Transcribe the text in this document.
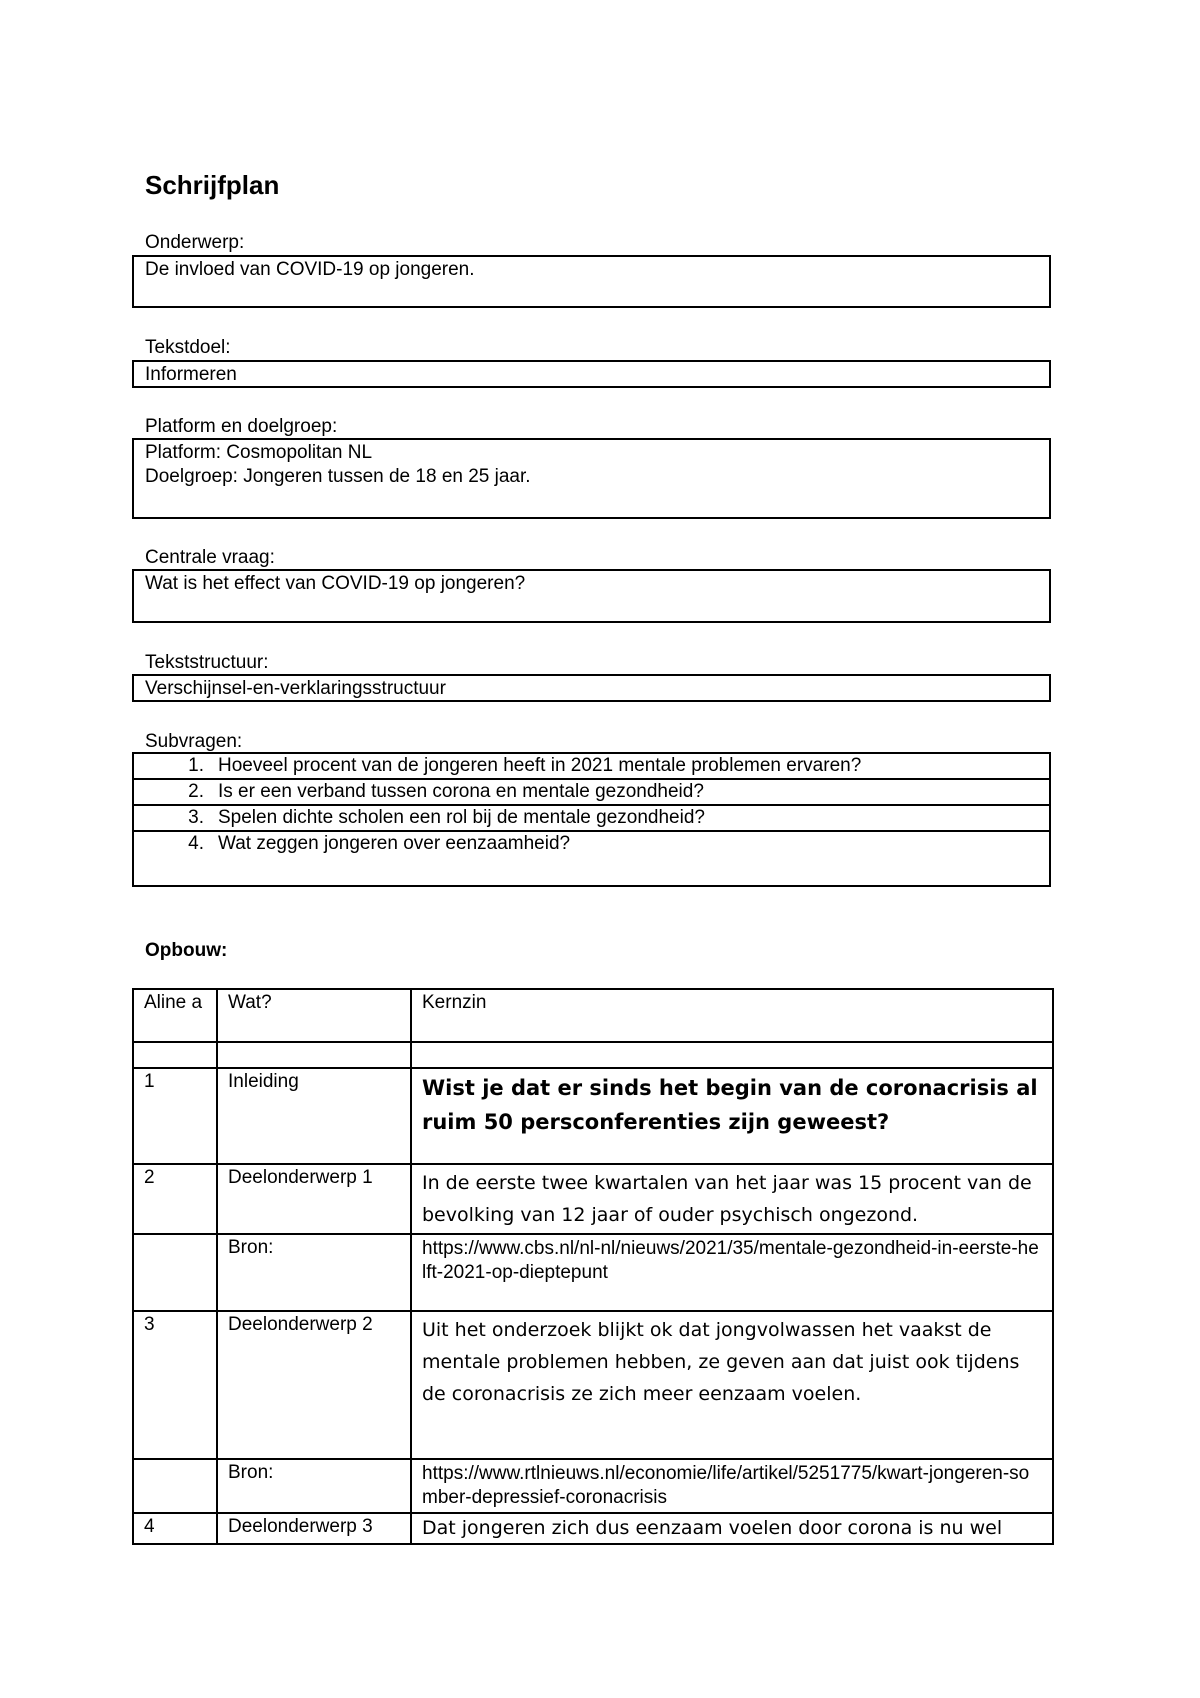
Schrijfplan
Onderwerp:
De invloed van COVID-19 op jongeren.
Tekstdoel:
Informeren
Platform en doelgroep:
Platform: Cosmopolitan NL
Doelgroep: Jongeren tussen de 18 en 25 jaar.
Centrale vraag:
Wat is het effect van COVID-19 op jongeren?
Tekststructuur:
Verschijnsel-en-verklaringsstructuur
Subvragen:
1. Hoeveel procent van de jongeren heeft in 2021 mentale problemen ervaren?
2. Is er een verband tussen corona en mentale gezondheid?
3. Spelen dichte scholen een rol bij de mentale gezondheid?
4. Wat zeggen jongeren over eenzaamheid?
Opbouw:
Aline a	Wat?	Kernzin

1	Inleiding	Wist je dat er sinds het begin van de coronacrisis al ruim 50 persconferenties zijn geweest?

2	Deelonderwerp 1	In de eerste twee kwartalen van het jaar was 15 procent van de bevolking van 12 jaar of ouder psychisch ongezond.

	Bron:	https://www.cbs.nl/nl-nl/nieuws/2021/35/mentale-gezondheid-in-eerste-helft-2021-op-dieptepunt

3	Deelonderwerp 2	Uit het onderzoek blijkt ok dat jongvolwassen het vaakst de mentale problemen hebben, ze geven aan dat juist ook tijdens de coronacrisis ze zich meer eenzaam voelen.

	Bron:	https://www.rtlnieuws.nl/economie/life/artikel/5251775/kwart-jongeren-somber-depressief-coronacrisis

4	Deelonderwerp 3	Dat jongeren zich dus eenzaam voelen door corona is nu wel
